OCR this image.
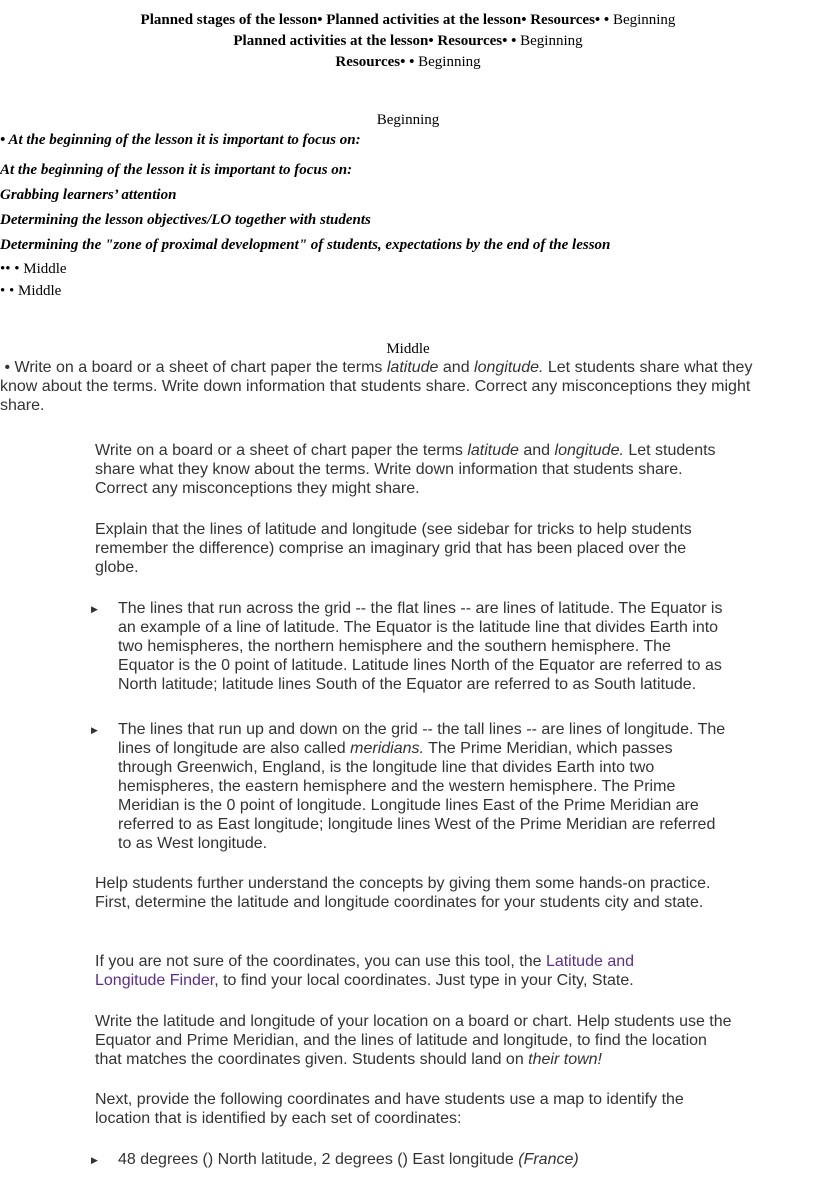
Planned stages of the lesson• Planned activities at the lesson• Resources• • Beginning
Planned activities at the lesson• Resources• • Beginning
Resources• • Beginning
Beginning
• At the beginning of the lesson it is important to focus on:
At the beginning of the lesson it is important to focus on:
Grabbing learners’ attention
Determining the lesson objectives/LO together with students
Determining the "zone of proximal development" of students, expectations by the end of the lesson
•• • Middle
• • Middle
Middle
• Write on a board or a sheet of chart paper the terms latitude and longitude. Let students share what they
know about the terms. Write down information that students share. Correct any misconceptions they might
share.
Write on a board or a sheet of chart paper the terms latitude and longitude. Let students share what they know about the terms. Write down information that students share. Correct any misconceptions they might share.
Explain that the lines of latitude and longitude (see sidebar for tricks to help students remember the difference) comprise an imaginary grid that has been placed over the globe.
▶ The lines that run across the grid -- the flat lines -- are lines of latitude. The Equator is an example of a line of latitude. The Equator is the latitude line that divides Earth into two hemispheres, the northern hemisphere and the southern hemisphere. The Equator is the 0 point of latitude. Latitude lines North of the Equator are referred to as North latitude; latitude lines South of the Equator are referred to as South latitude.
▶ The lines that run up and down on the grid -- the tall lines -- are lines of longitude. The lines of longitude are also called meridians. The Prime Meridian, which passes through Greenwich, England, is the longitude line that divides Earth into two hemispheres, the eastern hemisphere and the western hemisphere. The Prime Meridian is the 0 point of longitude. Longitude lines East of the Prime Meridian are referred to as East longitude; longitude lines West of the Prime Meridian are referred to as West longitude.
Help students further understand the concepts by giving them some hands-on practice. First, determine the latitude and longitude coordinates for your students city and state.
If you are not sure of the coordinates, you can use this tool, the Latitude and Longitude Finder, to find your local coordinates. Just type in your City, State.
Write the latitude and longitude of your location on a board or chart. Help students use the Equator and Prime Meridian, and the lines of latitude and longitude, to find the location that matches the coordinates given. Students should land on their town!
Next, provide the following coordinates and have students use a map to identify the location that is identified by each set of coordinates:
▶ 48 degrees () North latitude, 2 degrees () East longitude (France)
